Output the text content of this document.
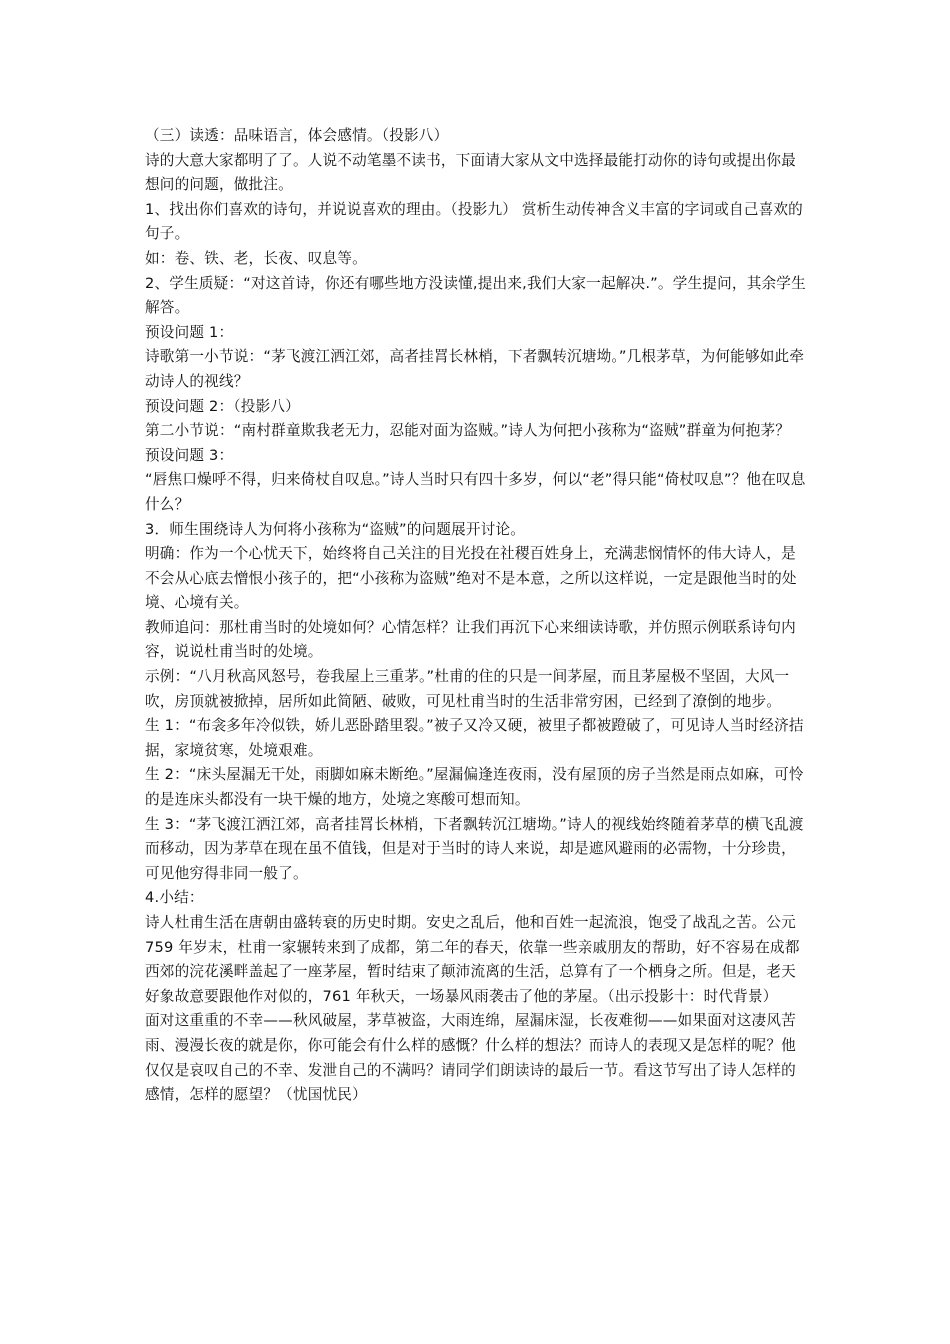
（三）读透：品味语言，体会感情。（投影八）

诗的大意大家都明了了。人说不动笔墨不读书，下面请大家从文中选择最能打动你的诗句或提出你最想问的问题，做批注。

1、找出你们喜欢的诗句，并说说喜欢的理由。（投影九） 赏析生动传神含义丰富的字词或自己喜欢的句子。

如：卷、铁、老，长夜、叹息等。

2、学生质疑：“对这首诗，你还有哪些地方没读懂,提出来,我们大家一起解决.”。学生提问，其余学生解答。

预设问题 1：

诗歌第一小节说：“茅飞渡江洒江郊，高者挂罥长林梢，下者飘转沉塘坳。”几根茅草，为何能够如此牵动诗人的视线？

预设问题 2：（投影八）

第二小节说：“南村群童欺我老无力，忍能对面为盗贼。”诗人为何把小孩称为“盗贼”群童为何抱茅？

预设问题 3：

“唇焦口燥呼不得，归来倚杖自叹息。”诗人当时只有四十多岁，何以“老”得只能“倚杖叹息”？他在叹息什么？

3．师生围绕诗人为何将小孩称为“盗贼”的问题展开讨论。

明确：作为一个心忧天下，始终将自己关注的目光投在社稷百姓身上，充满悲悯情怀的伟大诗人，是不会从心底去憎恨小孩子的，把“小孩称为盗贼”绝对不是本意，之所以这样说，一定是跟他当时的处境、心境有关。

教师追问：那杜甫当时的处境如何？心情怎样？让我们再沉下心来细读诗歌，并仿照示例联系诗句内容，说说杜甫当时的处境。

示例：“八月秋高风怒号，卷我屋上三重茅。”杜甫的住的只是一间茅屋，而且茅屋极不坚固，大风一吹，房顶就被掀掉，居所如此简陋、破败，可见杜甫当时的生活非常穷困，已经到了潦倒的地步。

生 1：“布衾多年冷似铁，娇儿恶卧踏里裂。”被子又冷又硬，被里子都被蹬破了，可见诗人当时经济拮据，家境贫寒，处境艰难。

生 2：“床头屋漏无干处，雨脚如麻未断绝。”屋漏偏逢连夜雨，没有屋顶的房子当然是雨点如麻，可怜的是连床头都没有一块干燥的地方，处境之寒酸可想而知。

生 3：“茅飞渡江洒江郊，高者挂罥长林梢，下者飘转沉江塘坳。”诗人的视线始终随着茅草的横飞乱渡而移动，因为茅草在现在虽不值钱，但是对于当时的诗人来说，却是遮风避雨的必需物，十分珍贵，可见他穷得非同一般了。

4.小结：

诗人杜甫生活在唐朝由盛转衰的历史时期。安史之乱后，他和百姓一起流浪，饱受了战乱之苦。公元 759 年岁末，杜甫一家辗转来到了成都，第二年的春天，依靠一些亲戚朋友的帮助，好不容易在成都

西郊的浣花溪畔盖起了一座茅屋，暂时结束了颠沛流离的生活，总算有了一个栖身之所。但是，老天好象故意要跟他作对似的，761 年秋天，一场暴风雨袭击了他的茅屋。（出示投影十：时代背景）

面对这重重的不幸——秋风破屋，茅草被盗，大雨连绵，屋漏床湿，长夜难彻——如果面对这凄风苦雨、漫漫长夜的就是你，你可能会有什么样的感慨？什么样的想法？而诗人的表现又是怎样的呢？他仅仅是哀叹自己的不幸、发泄自己的不满吗？请同学们朗读诗的最后一节。看这节写出了诗人怎样的感情，怎样的愿望？（忧国忧民）
